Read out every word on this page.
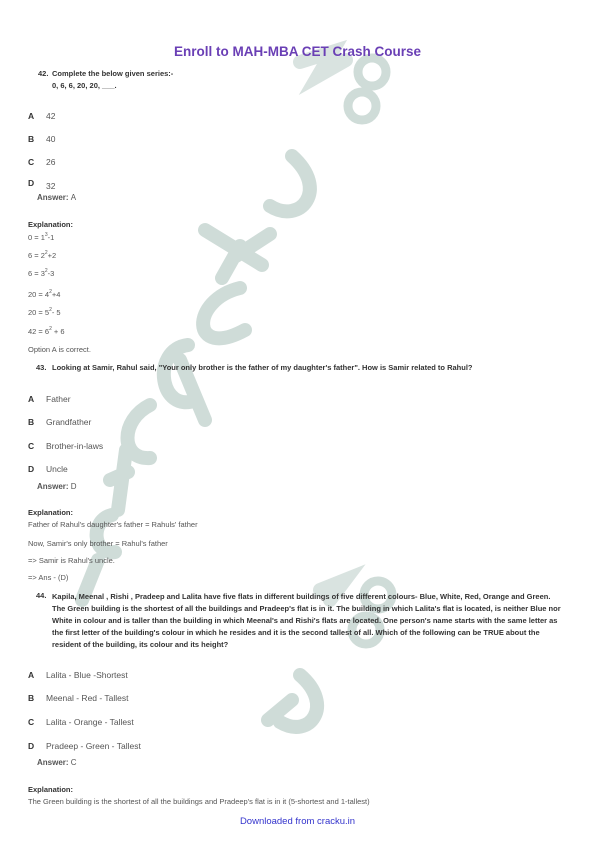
Enroll to MAH-MBA CET Crash Course
42. Complete the below given series:-
0, 6, 6, 20, 20, ___.
A 42
B 40
C 26
D 32
Answer: A
Explanation:
$0 = 1^3-1$
$6 = 2^2+2$
$6 = 3^2-3$
$20 = 4^2+4$
$20 = 5^2-$ 5
$42 = 6^2 + 6$
Option A is correct.
43. Looking at Samir, Rahul said, "Your only brother is the father of my daughter's father". How is Samir related to Rahul?
A Father
B Grandfather
C Brother-in-laws
D Uncle
Answer: D
Explanation:
Father of Rahul's daughter's father = Rahuls' father
Now, Samir's only brother = Rahul's father
=> Samir is Rahul's uncle.
=> Ans - (D)
44. Kapila, Meenal , Rishi , Pradeep and Lalita have five flats in different buildings of five different colours- Blue, White, Red, Orange and Green. The Green building is the shortest of all the buildings and Pradeep's flat is in it. The building in which Lalita's flat is located, is neither Blue nor White in colour and is taller than the building in which Meenal's and Rishi's flats are located. One person's name starts with the same letter as the first letter of the building's colour in which he resides and it is the second tallest of all. Which of the following can be TRUE about the resident of the building, its colour and its height?
A Lalita - Blue -Shortest
B Meenal - Red - Tallest
C Lalita - Orange - Tallest
D Pradeep - Green - Tallest
Answer: C
Explanation:
The Green building is the shortest of all the buildings and Pradeep's flat is in it (5-shortest and 1-tallest)
Downloaded from cracku.in
